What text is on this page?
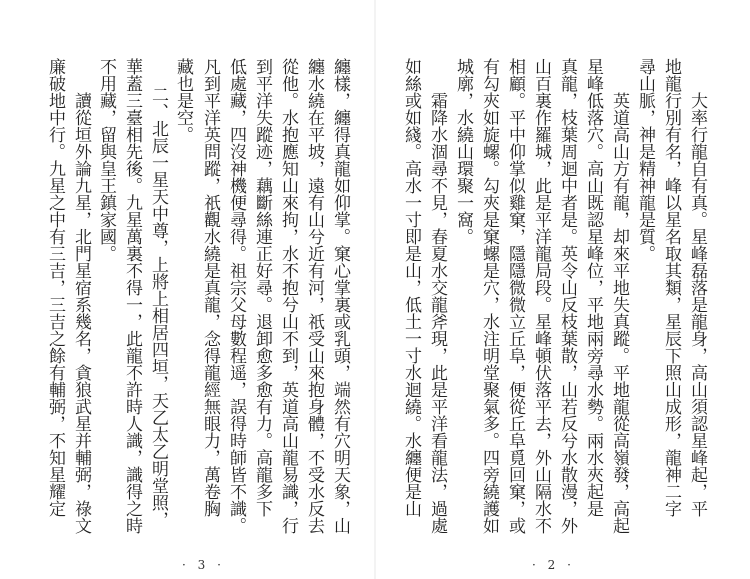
纏樣，纏得真龍如仰掌。窠心掌裏或乳頭，端然有穴明天象，山
纏水繞在平坡，遠有山兮近有河，祇受山來抱身體，不受水反去
從他。水抱應知山來拘，水不抱兮山不到，英道高山龍易識，行
到平洋失蹤迹，藕斷絲連正好尋。退卸愈多愈有力。高龍多下
低處藏，四沒神機便尋得。祖宗父母數程遥，誤得時師皆不識。
凡到平洋英問蹤，祇觀水繞是真龍，念得龍經無眼力，萬卷胸
藏也是空。
二、北辰一星天中尊，上將上相居四垣，天乙太乙明堂照，
華蓋三臺相先後。九星萬裏不得一，此龍不許時人識，識得之時
不用藏，留與皇王鎮家國。
讀從垣外論九星，北門星宿系幾名，貪狼武星并輔弼，祿文
廉破地中行。九星之中有三吉，三吉之餘有輔弼，不知星耀定
· 3 ·
大率行龍自有真。星峰磊落是龍身，高山須認星峰起，平
地龍行別有名，峰以星名取其類，星辰下照山成形，龍神二字
尋山脈，神是精神龍是質。
英道高山方有龍，却來平地失真蹤。平地龍從高嶺發，高起
星峰低落穴。高山既認星峰位，平地兩旁尋水勢。兩水夾起是
真龍，枝葉周迴中者是。英令山反枝葉散，山若反兮水散漫，外
山百裏作羅城，此是平洋龍局段。星峰頓伏落平去，外山隔水不
相顧。平中仰掌似雞窠，隱隱微微立丘阜，便從丘阜覓回窠，或
有勾夾如旋螺。勾夾是窠螺是穴，水注明堂聚氣多。四旁繞護如
城廓，水繞山環聚一窩。
霜降水涸尋不見，春夏水交龍斧現，此是平洋看龍法，過處
如絲或如綫。高水一寸即是山，低土一寸水迴繞。水纏便是山
· 2 ·
